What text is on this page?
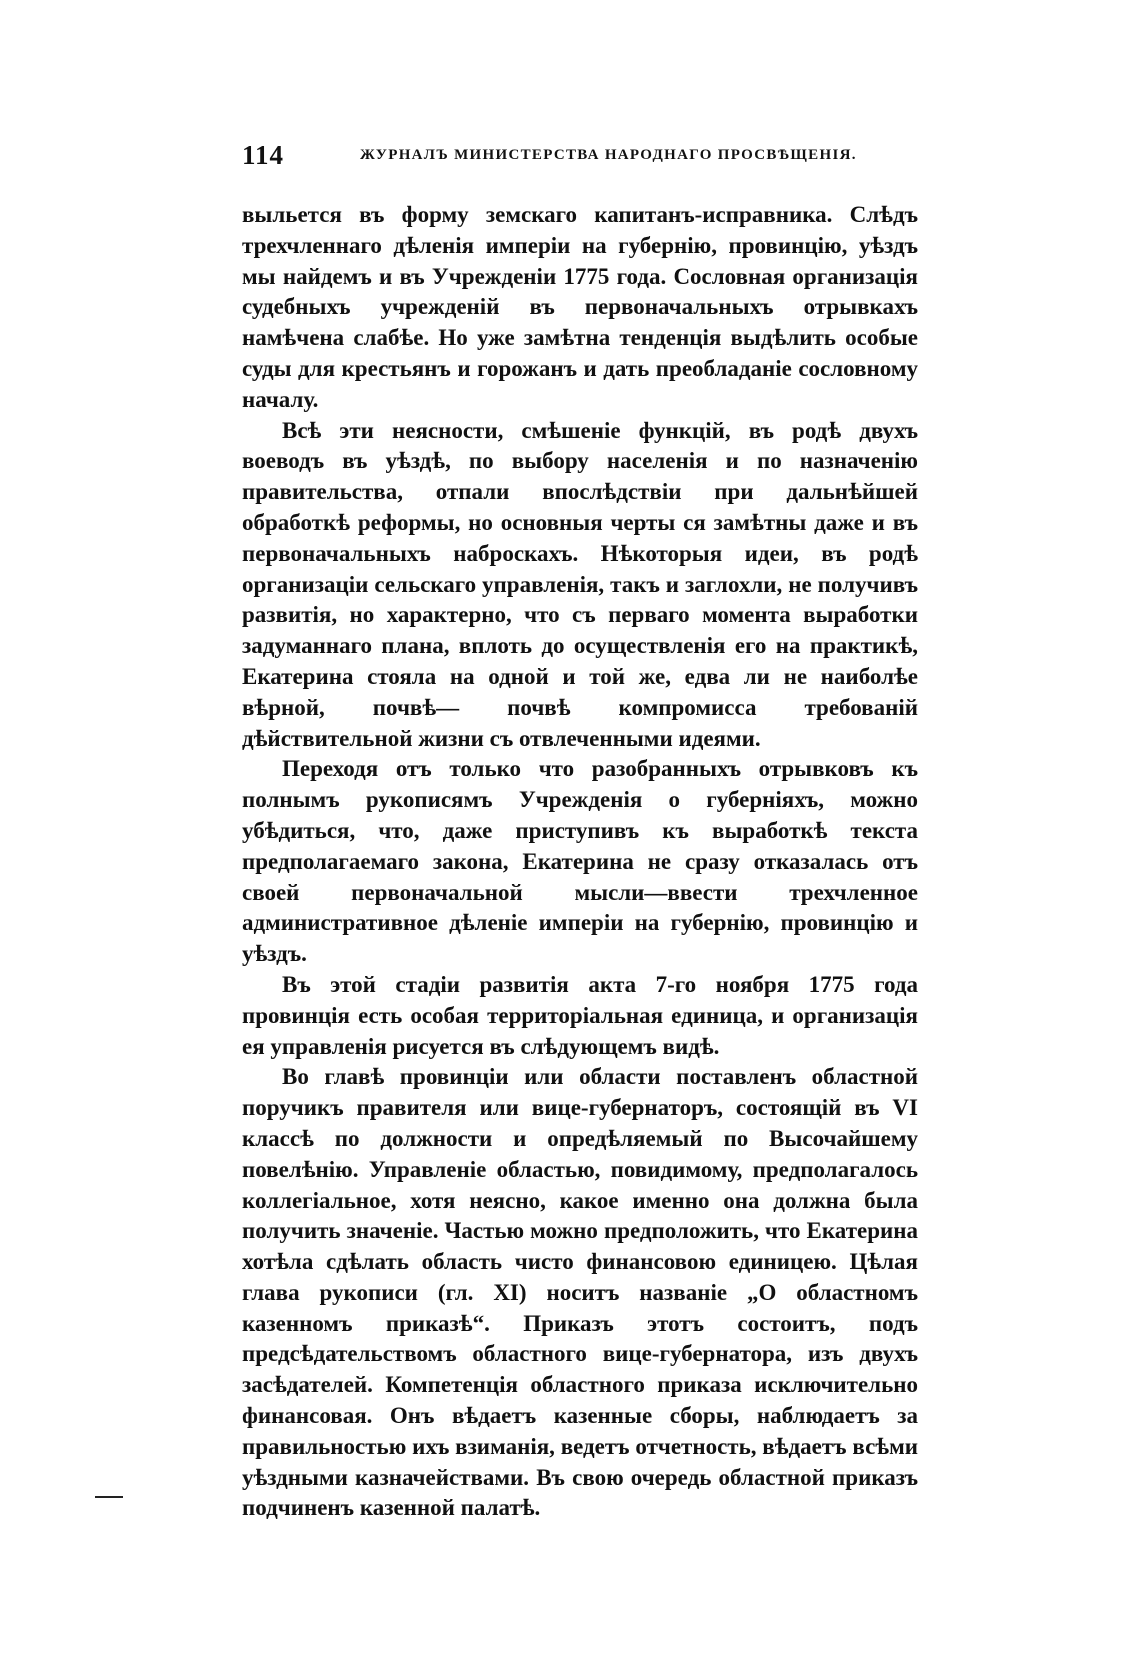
114	ЖУРНАЛЪ МИНИСТЕРСТВА НАРОДНАГО ПРОСВѢЩЕНІЯ.

выльется въ форму земскаго капитанъ-исправника. Слѣдъ трехчленнаго дѣленія имперіи на губернію, провинцію, уѣздъ мы найдемъ и въ Учрежденіи 1775 года. Сословная организація судебныхъ учрежденій въ первоначальныхъ отрывкахъ намѣчена слабѣе. Но уже замѣтна тенденція выдѣлить особые суды для крестьянъ и горожанъ и дать преобладаніе сословному началу.

Всѣ эти неясности, смѣшеніе функцій, въ родѣ двухъ воеводъ въ уѣздѣ, по выбору населенія и по назначенію правительства, отпали впослѣдствіи при дальнѣйшей обработкѣ реформы, но основныя черты ся замѣтны даже и въ первоначальныхъ наброскахъ. Нѣкоторыя идеи, въ родѣ организаціи сельскаго управленія, такъ и заглохли, не получивъ развитія, но характерно, что съ перваго момента выработки задуманнаго плана, вплоть до осуществленія его на практикѣ, Екатерина стояла на одной и той же, едва ли не наиболѣе вѣрной, почвѣ— почвѣ компромисса требованій дѣйствительной жизни съ отвлеченными идеями.

Переходя отъ только что разобранныхъ отрывковъ къ полнымъ рукописямъ Учрежденія о губерніяхъ, можно убѣдиться, что, даже приступивъ къ выработкѣ текста предполагаемаго закона, Екатерина не сразу отказалась отъ своей первоначальной мысли—ввести трехчленное административное дѣленіе имперіи на губернію, провинцію и уѣздъ.

Въ этой стадіи развитія акта 7-го ноября 1775 года провинція есть особая территоріальная единица, и организація ея управленія рисуется въ слѣдующемъ видѣ.

Во главѣ провинціи или области поставленъ областной поручикъ правителя или вице-губернаторъ, состоящій въ VI классѣ по должности и опредѣляемый по Высочайшему повелѣнію. Управленіе областью, повидимому, предполагалось коллегіальное, хотя неясно, какое именно она должна была получить значеніе. Частью можно предположить, что Екатерина хотѣла сдѣлать область чисто финансовою единицею. Цѣлая глава рукописи (гл. XI) носитъ названіе „О областномъ казенномъ приказѣ“. Приказъ этотъ состоитъ, подъ предсѣдательствомъ областного вице-губернатора, изъ двухъ засѣдателей. Компетенція областного приказа исключительно финансовая. Онъ вѣдаетъ казенные сборы, наблюдаетъ за правильностью ихъ взиманія, ведетъ отчетность, вѣдаетъ всѣми уѣздными казначействами. Въ свою очередь областной приказъ подчиненъ казенной палатѣ.
